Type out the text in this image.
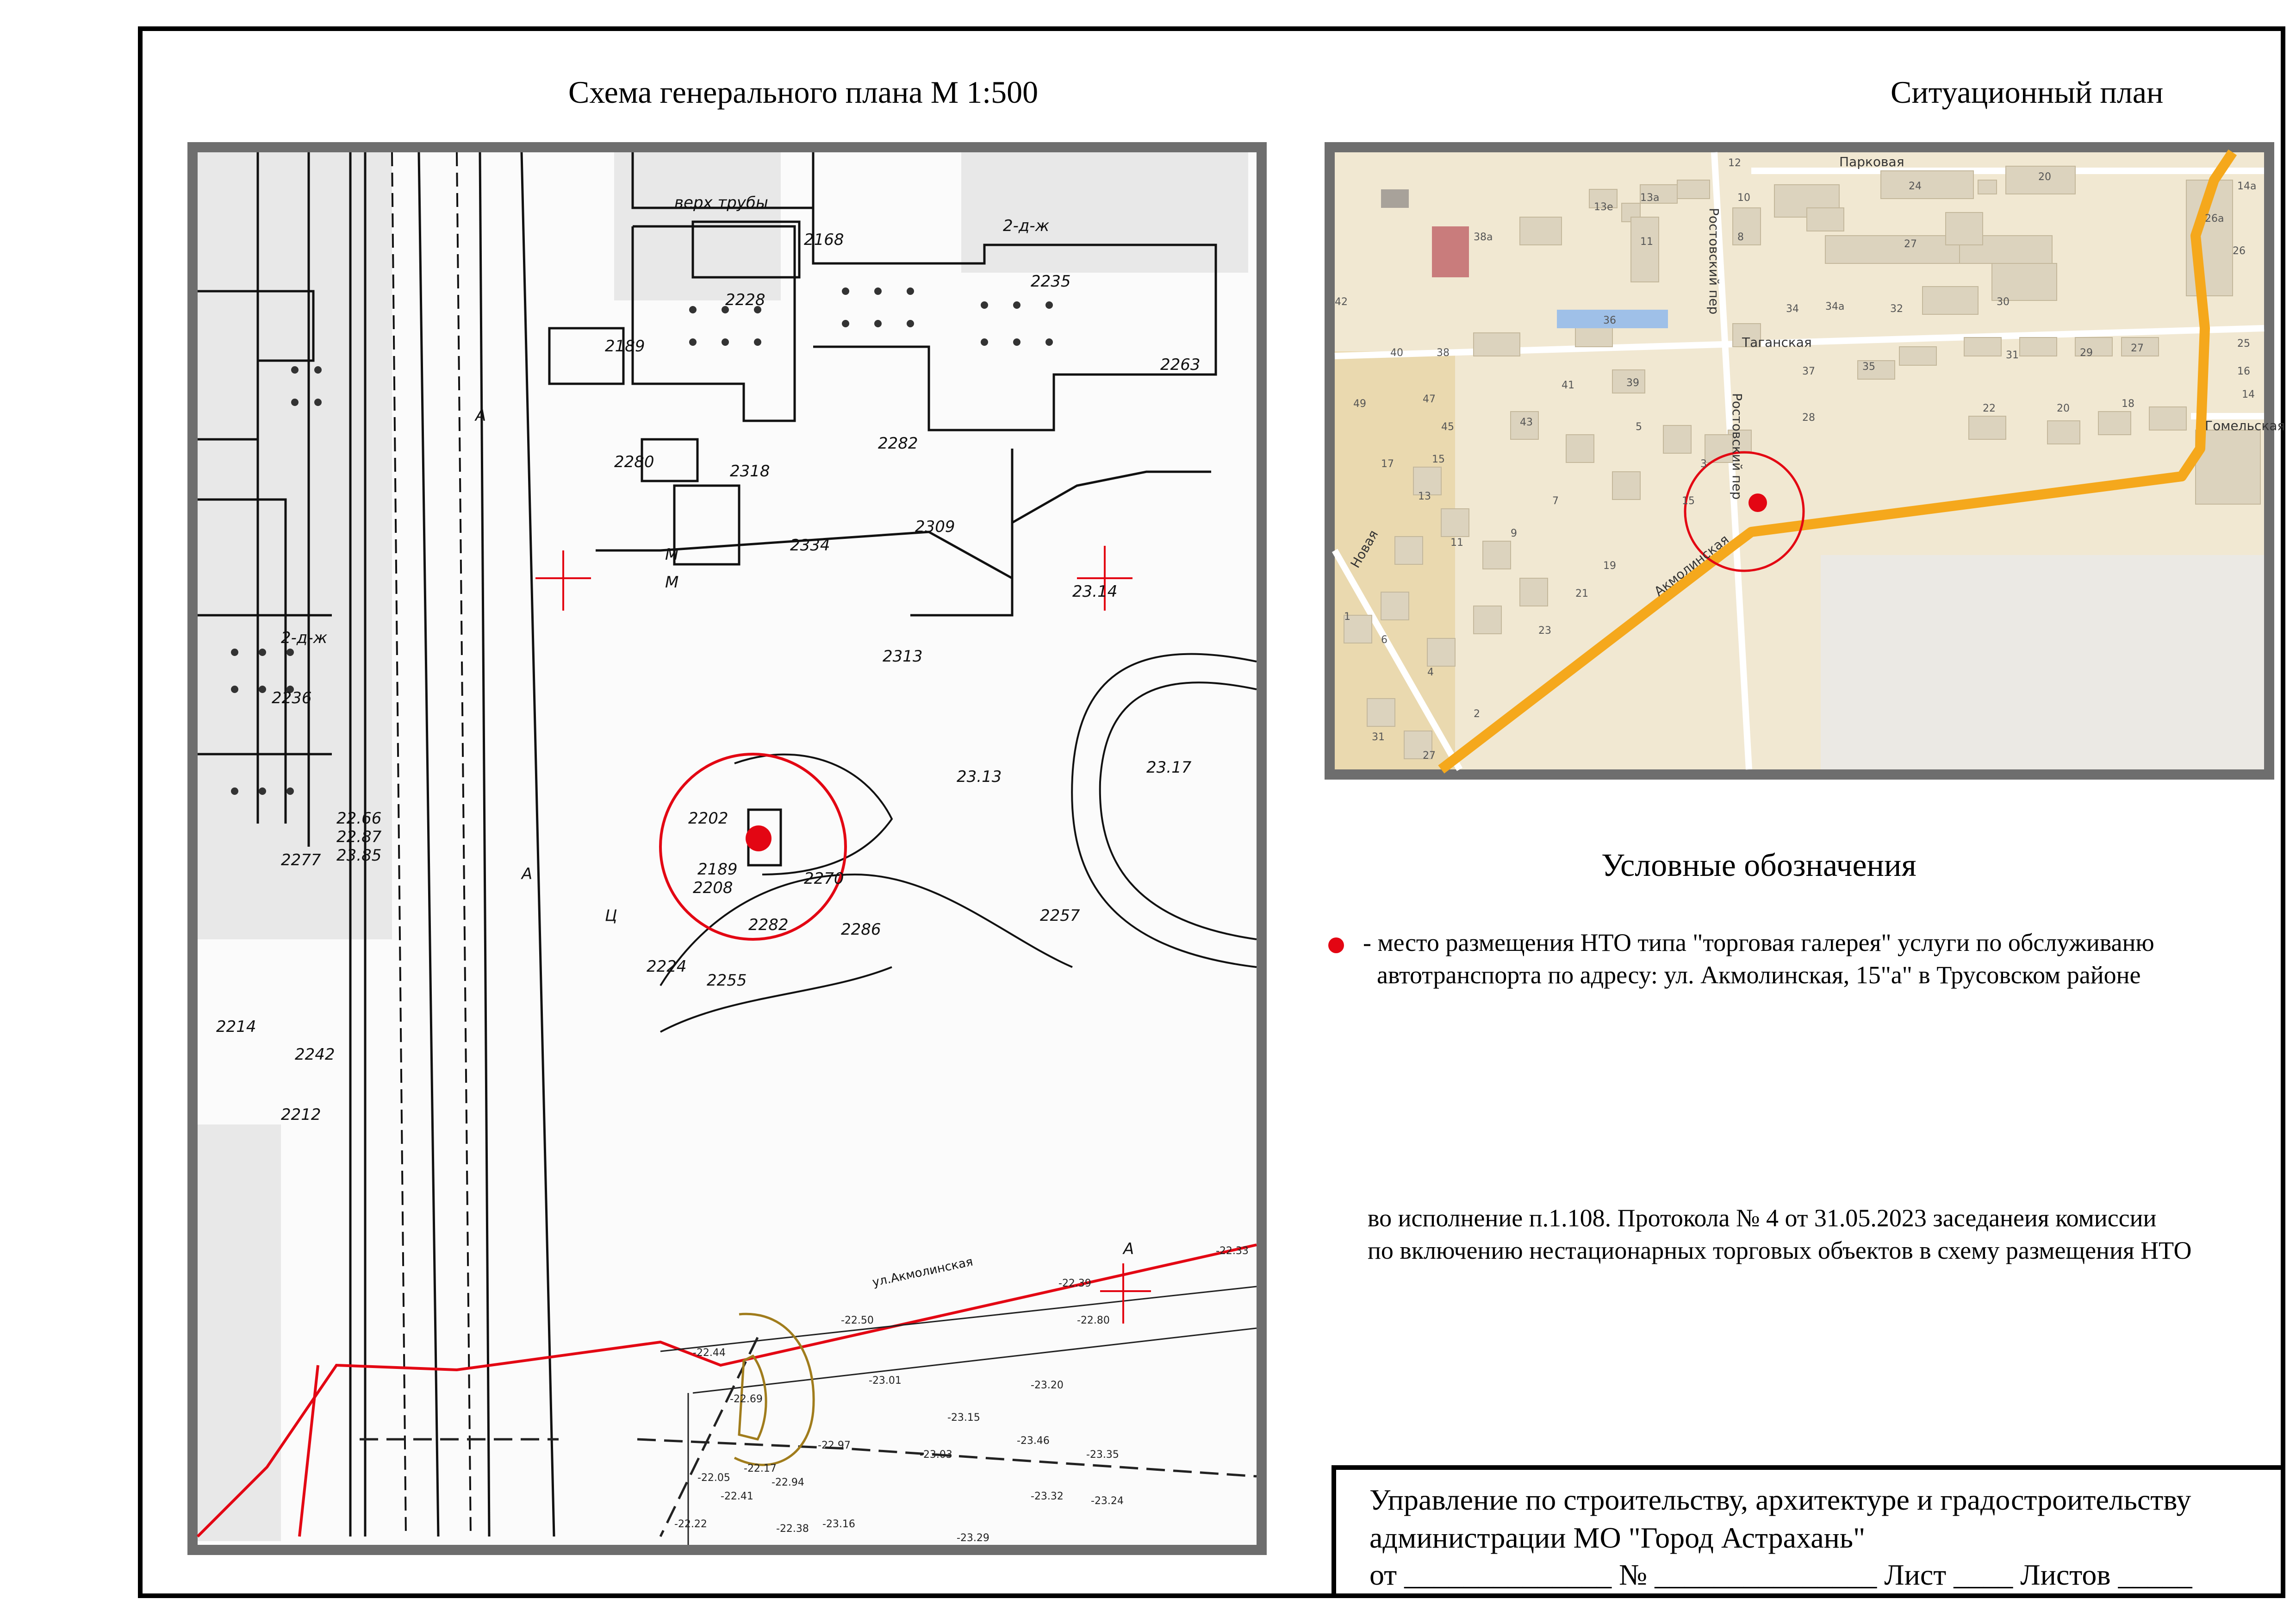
Схема генерального плана М 1:500	Ситуационный план
2-д-ж
2-д-ж
М
М
Ц
А
А
А
верх трубы
2309
2334
2313
2286
2202
2189
2208	2270
2282
2255
2224
2257
23.14
23.17
23.13
2280	2318
2235
2263
2282
2228
2168
2189
2236
2277
22.66
22.87
23.85
2242
2212
2214
-22.33
-22.39
-22.50	-22.80
-22.44
-22.69
-22.97
-23.01
-23.15
-23.20
-23.03
-23.24
-23.29
-23.46
-23.35
-23.32
-23.16
-22.94
-22.38
-22.41
-22.22
-22.05
-22.17
ул.Акмолинская
Парковая
Таганская
Ростовский пер
Ростовский пер
Акмолинская
Гомельская
Новая
12
13а
13е
10
24
20
11	8
27
38а
34	34а	32
30
42
36
40	38
37	35
31	29	27
41	39
49	47
45	43	5
28
22	20	18
17	15
13
11
9
7
3
15
21
19
23
1
6
4
2
31
27
26а
26
14а
25
16
14
Условные обозначения
- место размещения НТО типа "торговая галерея" услуги по обслуживаню
автотранспорта по адресу: ул. Акмолинская, 15"а" в Трусовском районе
во исполнение п.1.108. Протокола № 4 от 31.05.2023 заседанеия комиссии
по включению нестационарных торговых объектов в схему размещения НТО
Управление по строительству, архитектуре и градостроительству
администрации МО "Город Астрахань"
от ______________ № _______________ Лист ____ Листов _____
